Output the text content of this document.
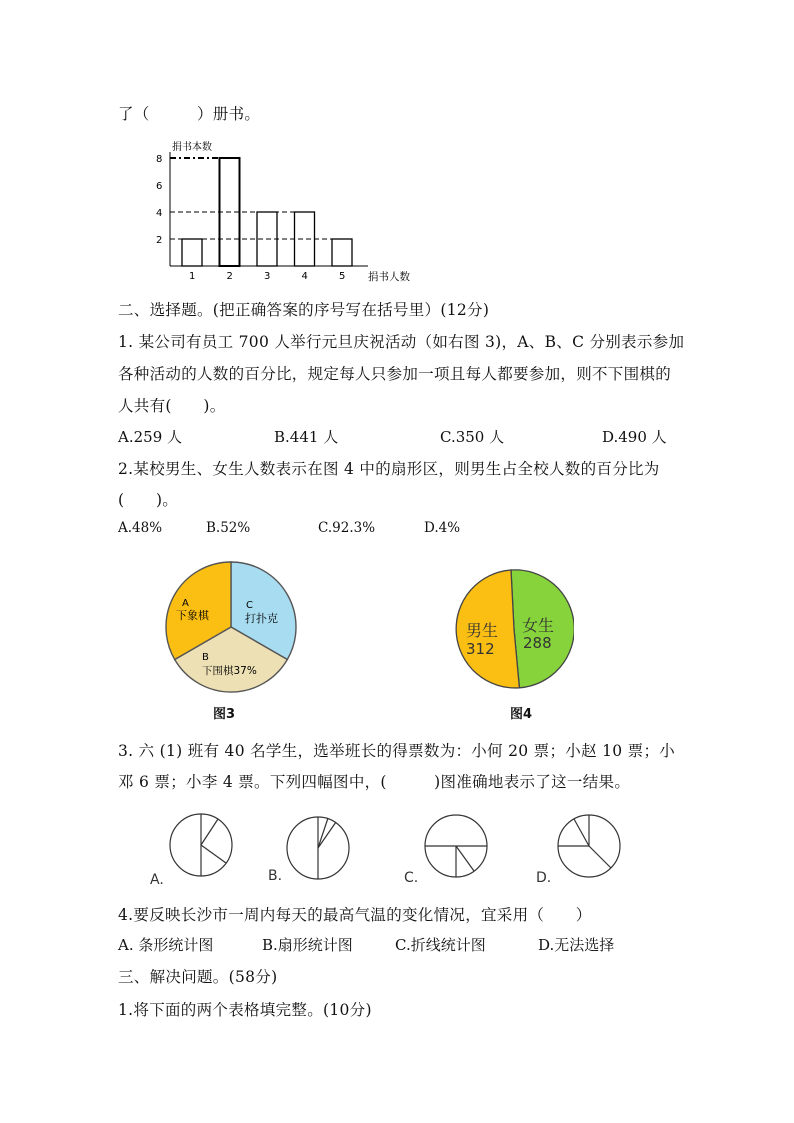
了（　　　）册书。
捐书本数
8
6
4
2
1	2	3	4	5 捐书人数
二、选择题。(把正确答案的序号写在括号里）(12分)
1. 某公司有员工 700 人举行元旦庆祝活动（如右图 3)，A、B、C 分别表示参加
各种活动的人数的百分比，规定每人只参加一项且每人都要参加，则不下围棋的
人共有(　　)。
A.259 人	B.441 人	C.350 人	D.490 人
2.某校男生、女生人数表示在图 4 中的扇形区，则男生占全校人数的百分比为
(　　)。
A.48%	B.52%	C.92.3%	D.4%
A
下象棋
C
打扑克
B
下围棋37%
图3
男生
312
女生
288
图4
3. 六 (1) 班有 40 名学生，选举班长的得票数为：小何 20 票；小赵 10 票；小
邓 6 票；小李 4 票。下列四幅图中，(　　　)图准确地表示了这一结果。
A.	B.	C.	D.
4.要反映长沙市一周内每天的最高气温的变化情况，宜采用（　　）
A. 条形统计图	B.扇形统计图	C.折线统计图	D.无法选择
三、解决问题。(58分)
1.将下面的两个表格填完整。(10分)
